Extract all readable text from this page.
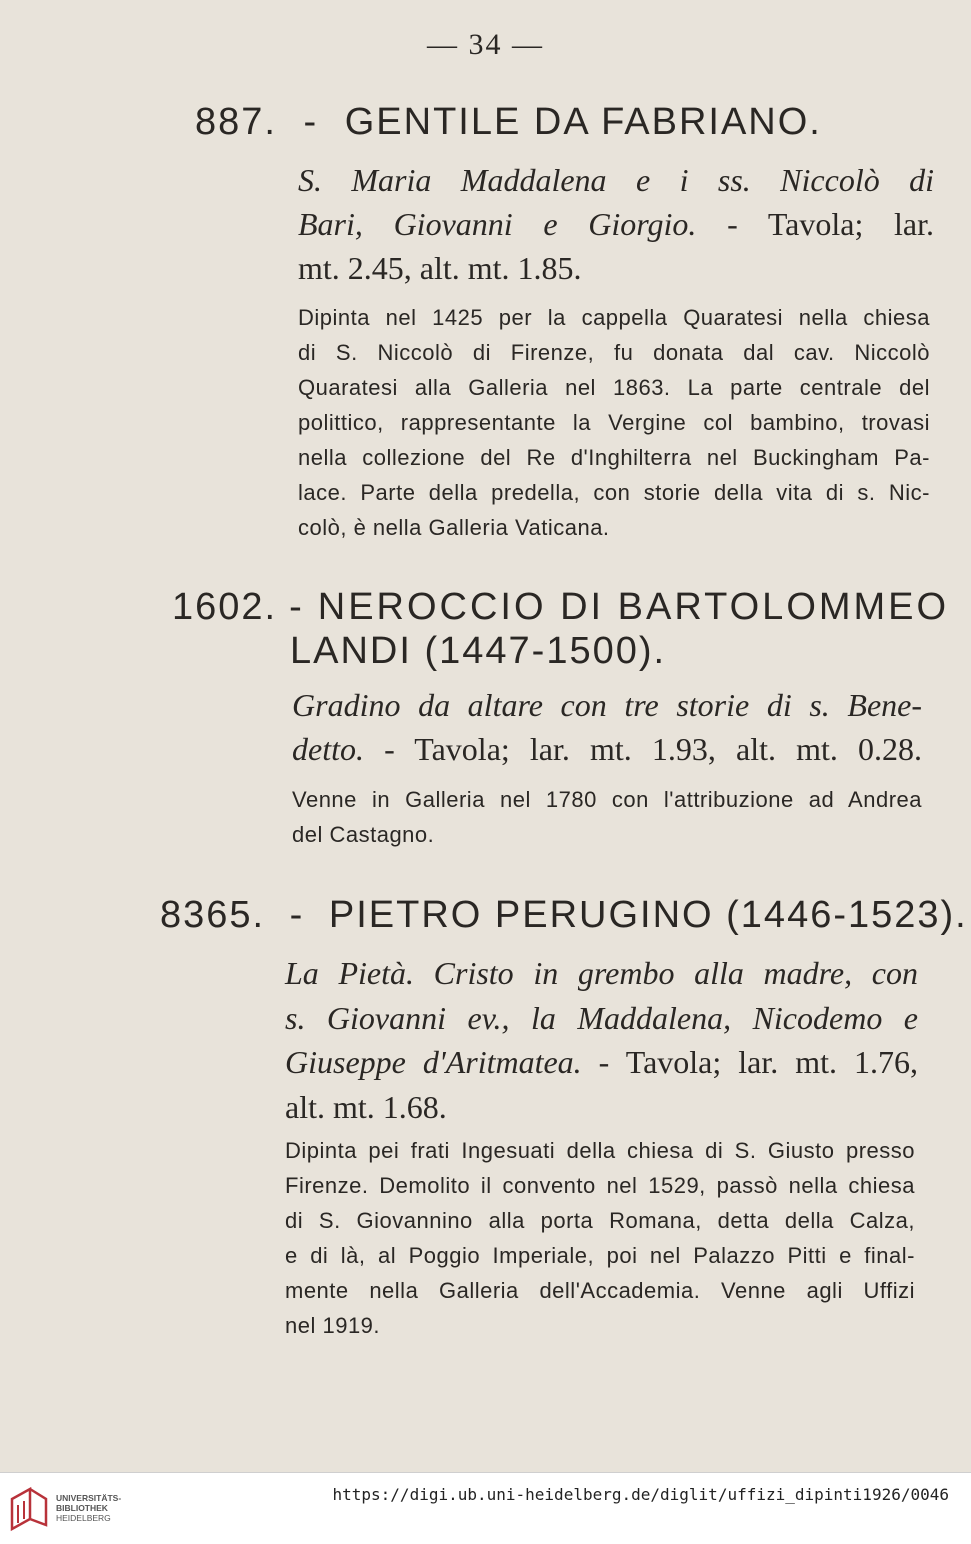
— 34 —
887. - GENTILE DA FABRIANO.
S. Maria Maddalena e i ss. Niccolò di
Bari, Giovanni e Giorgio. - Tavola; lar.
mt. 2.45, alt. mt. 1.85.
Dipinta nel 1425 per la cappella Quaratesi nella chiesa
di S. Niccolò di Firenze, fu donata dal cav. Niccolò
Quaratesi alla Galleria nel 1863. La parte centrale del
polittico, rappresentante la Vergine col bambino, trovasi
nella collezione del Re d'Inghilterra nel Buckingham Pa-
lace. Parte della predella, con storie della vita di s. Nic-
colò, è nella Galleria Vaticana.
1602. - NEROCCIO DI BARTOLOMMEO
LANDI (1447-1500).
Gradino da altare con tre storie di s. Bene-
detto. - Tavola; lar. mt. 1.93, alt. mt. 0.28.
Venne in Galleria nel 1780 con l'attribuzione ad Andrea
del Castagno.
8365. - PIETRO PERUGINO (1446-1523).
La Pietà. Cristo in grembo alla madre, con
s. Giovanni ev., la Maddalena, Nicodemo e
Giuseppe d'Aritmatea. - Tavola; lar. mt. 1.76,
alt. mt. 1.68.
Dipinta pei frati Ingesuati della chiesa di S. Giusto presso
Firenze. Demolito il convento nel 1529, passò nella chiesa
di S. Giovannino alla porta Romana, detta della Calza,
e di là, al Poggio Imperiale, poi nel Palazzo Pitti e final-
mente nella Galleria dell'Accademia. Venne agli Uffizi
nel 1919.
UNIVERSITÄTS-
BIBLIOTHEK
HEIDELBERG
https://digi.ub.uni-heidelberg.de/diglit/uffizi_dipinti1926/0046
